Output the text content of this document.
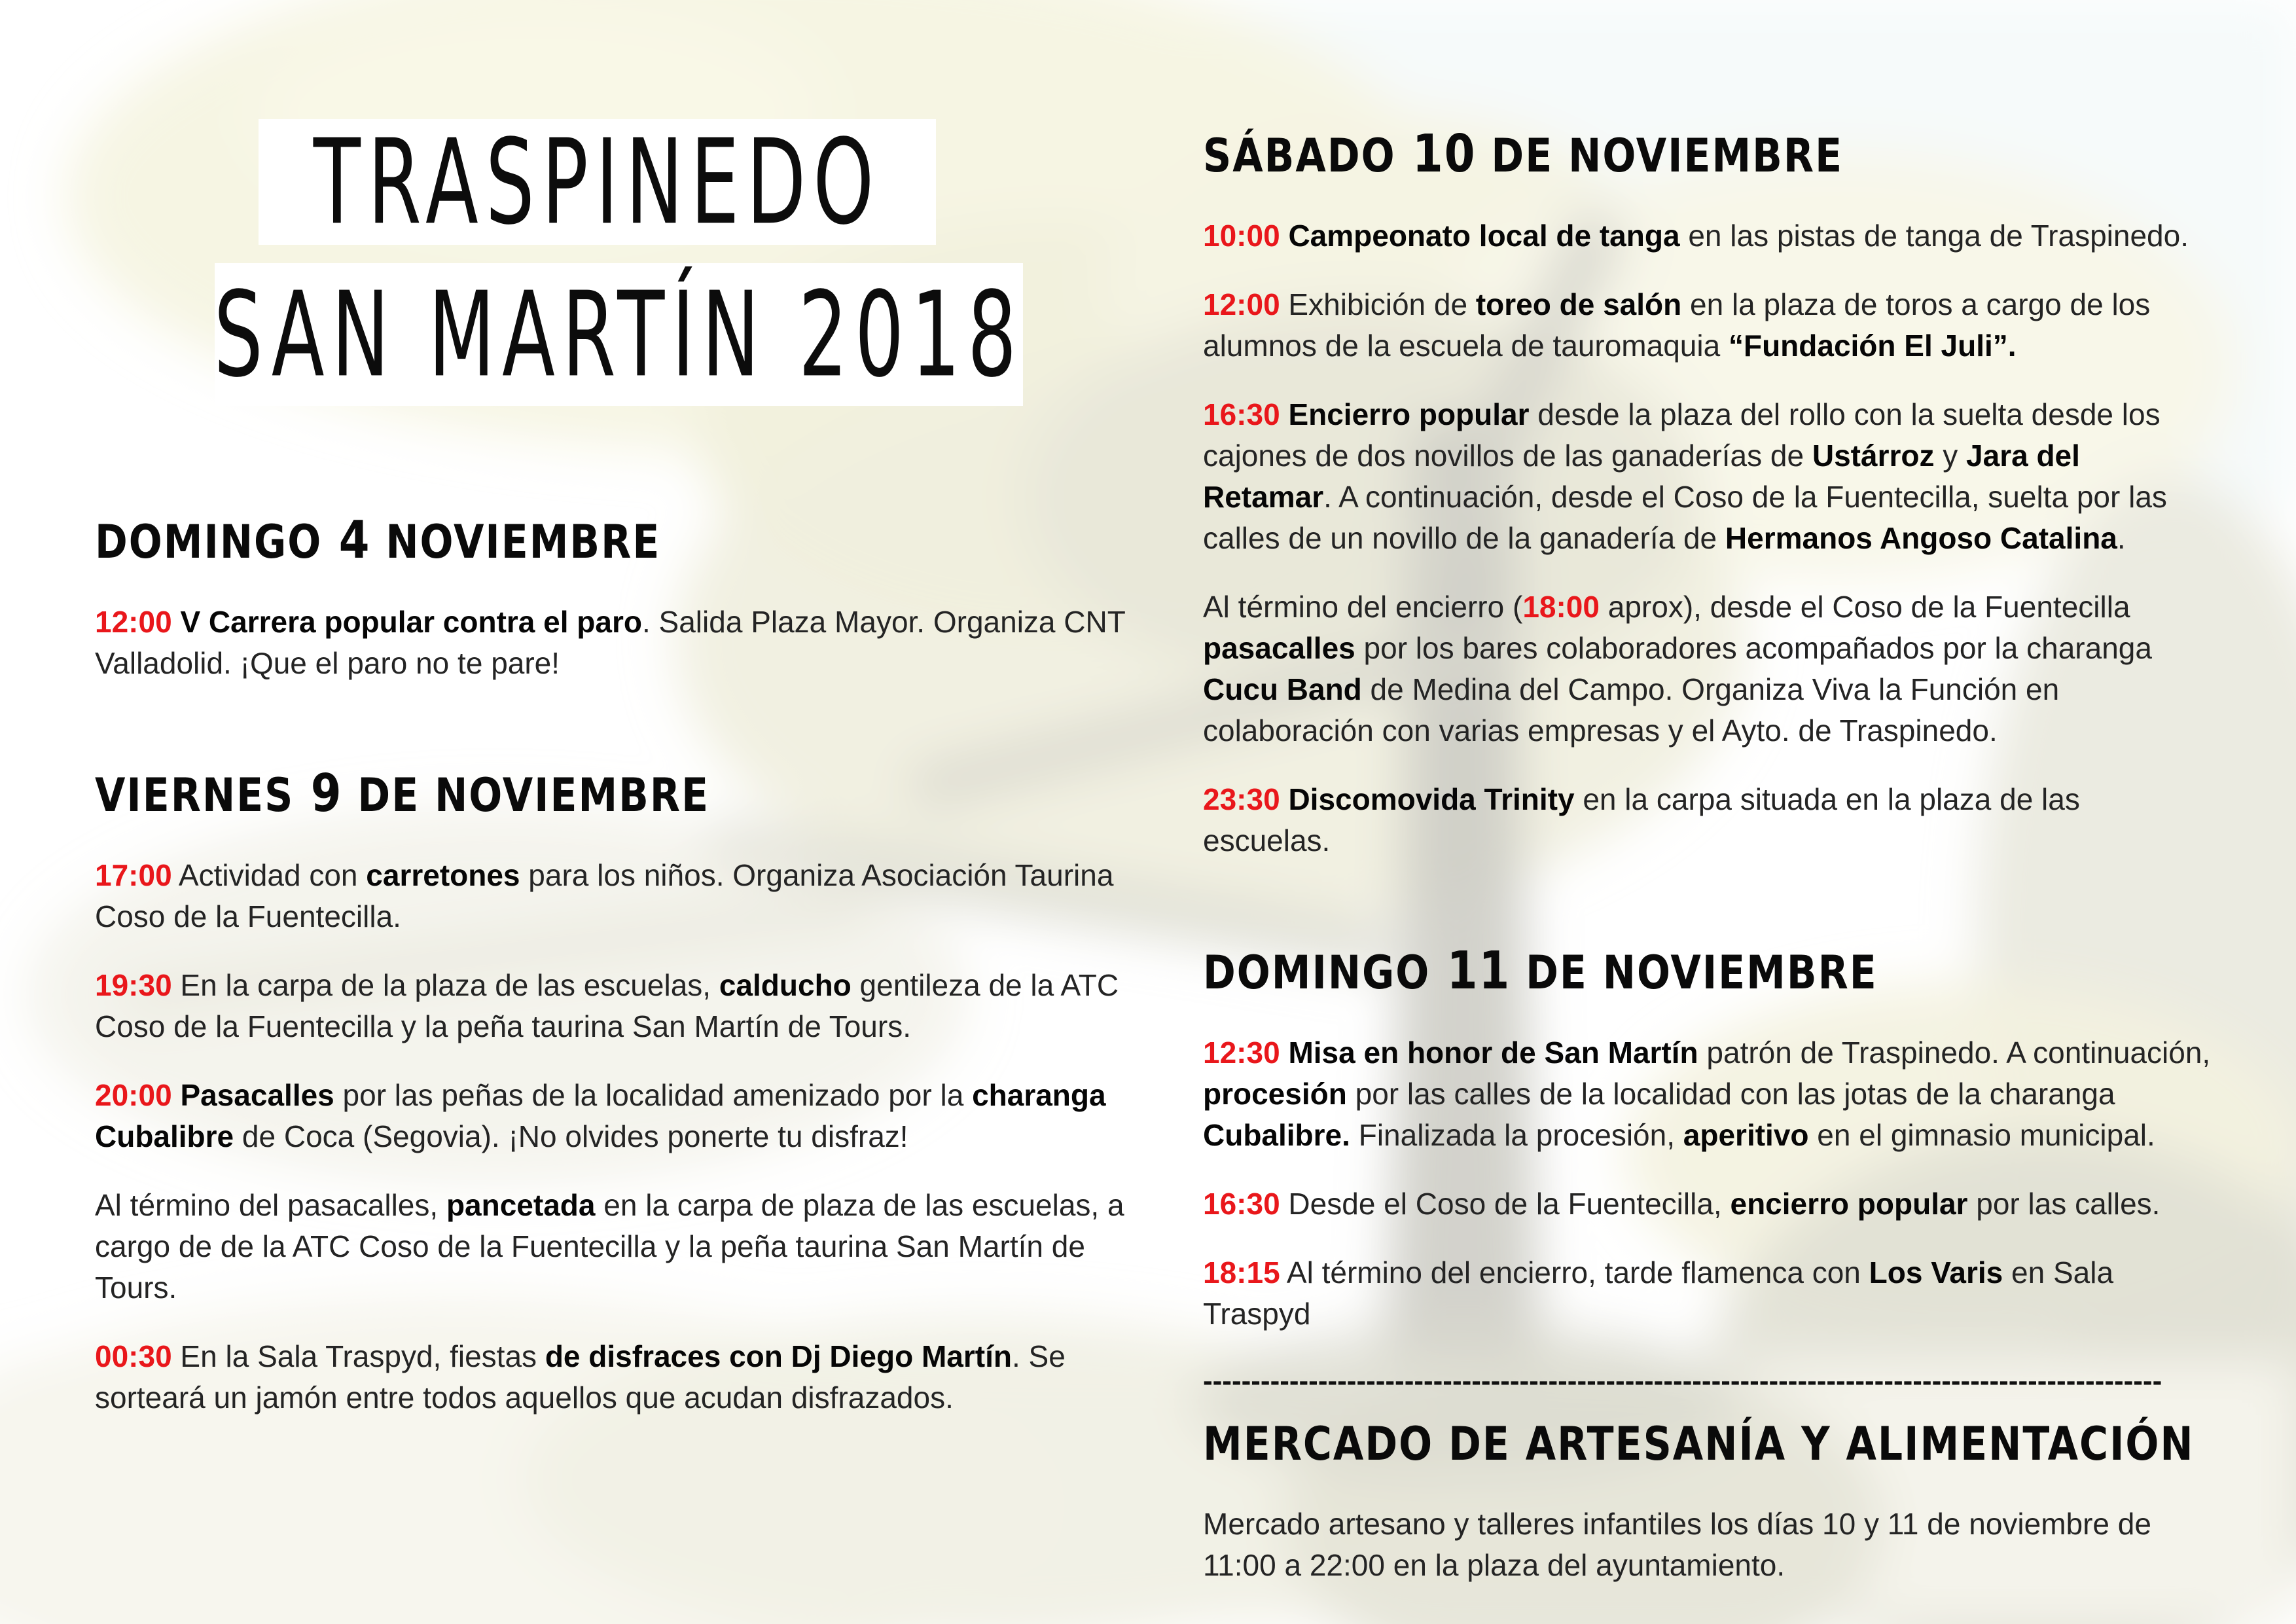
TRASPINEDO
SAN MARTÍN 2018
DOMINGO 4 NOVIEMBRE

12:00 V Carrera popular contra el paro. Salida Plaza Mayor. Organiza CNT Valladolid. ¡Que el paro no te pare!

VIERNES 9 DE NOVIEMBRE

17:00 Actividad con carretones para los niños. Organiza Asociación Taurina Coso de la Fuentecilla.

19:30 En la carpa de la plaza de las escuelas, calducho gentileza de la ATC Coso de la Fuentecilla y la peña taurina San Martín de Tours.

20:00 Pasacalles por las peñas de la localidad amenizado por la charanga Cubalibre de Coca (Segovia). ¡No olvides ponerte tu disfraz!

Al término del pasacalles, pancetada en la carpa de plaza de las escuelas, a cargo de de la ATC Coso de la Fuentecilla y la peña taurina San Martín de Tours.

00:30 En la Sala Traspyd, fiestas de disfraces con Dj Diego Martín. Se sorteará un jamón entre todos aquellos que acudan disfrazados.

SÁBADO 10 DE NOVIEMBRE

10:00 Campeonato local de tanga en las pistas de tanga de Traspinedo.

12:00 Exhibición de toreo de salón en la plaza de toros a cargo de los alumnos de la escuela de tauromaquia “Fundación El Juli”.

16:30 Encierro popular desde la plaza del rollo con la suelta desde los cajones de dos novillos de las ganaderías de Ustárroz y Jara del Retamar. A continuación, desde el Coso de la Fuentecilla, suelta por las calles de un novillo de la ganadería de Hermanos Angoso Catalina.

Al término del encierro (18:00 aprox), desde el Coso de la Fuentecilla pasacalles por los bares colaboradores acompañados por la charanga Cucu Band de Medina del Campo. Organiza Viva la Función en colaboración con varias empresas y el Ayto. de Traspinedo.

23:30 Discomovida Trinity en la carpa situada en la plaza de las escuelas.

DOMINGO 11 DE NOVIEMBRE

12:30 Misa en honor de San Martín patrón de Traspinedo. A continuación, procesión por las calles de la localidad con las jotas de la charanga Cubalibre. Finalizada la procesión, aperitivo en el gimnasio municipal.

16:30 Desde el Coso de la Fuentecilla, encierro popular por las calles.

18:15 Al término del encierro, tarde flamenca con Los Varis en Sala Traspyd

----------------------------------------------------------------------------------------------------
MERCADO DE ARTESANÍA Y ALIMENTACIÓN

Mercado artesano y talleres infantiles los días 10 y 11 de noviembre de 11:00 a 22:00 en la plaza del ayuntamiento.
